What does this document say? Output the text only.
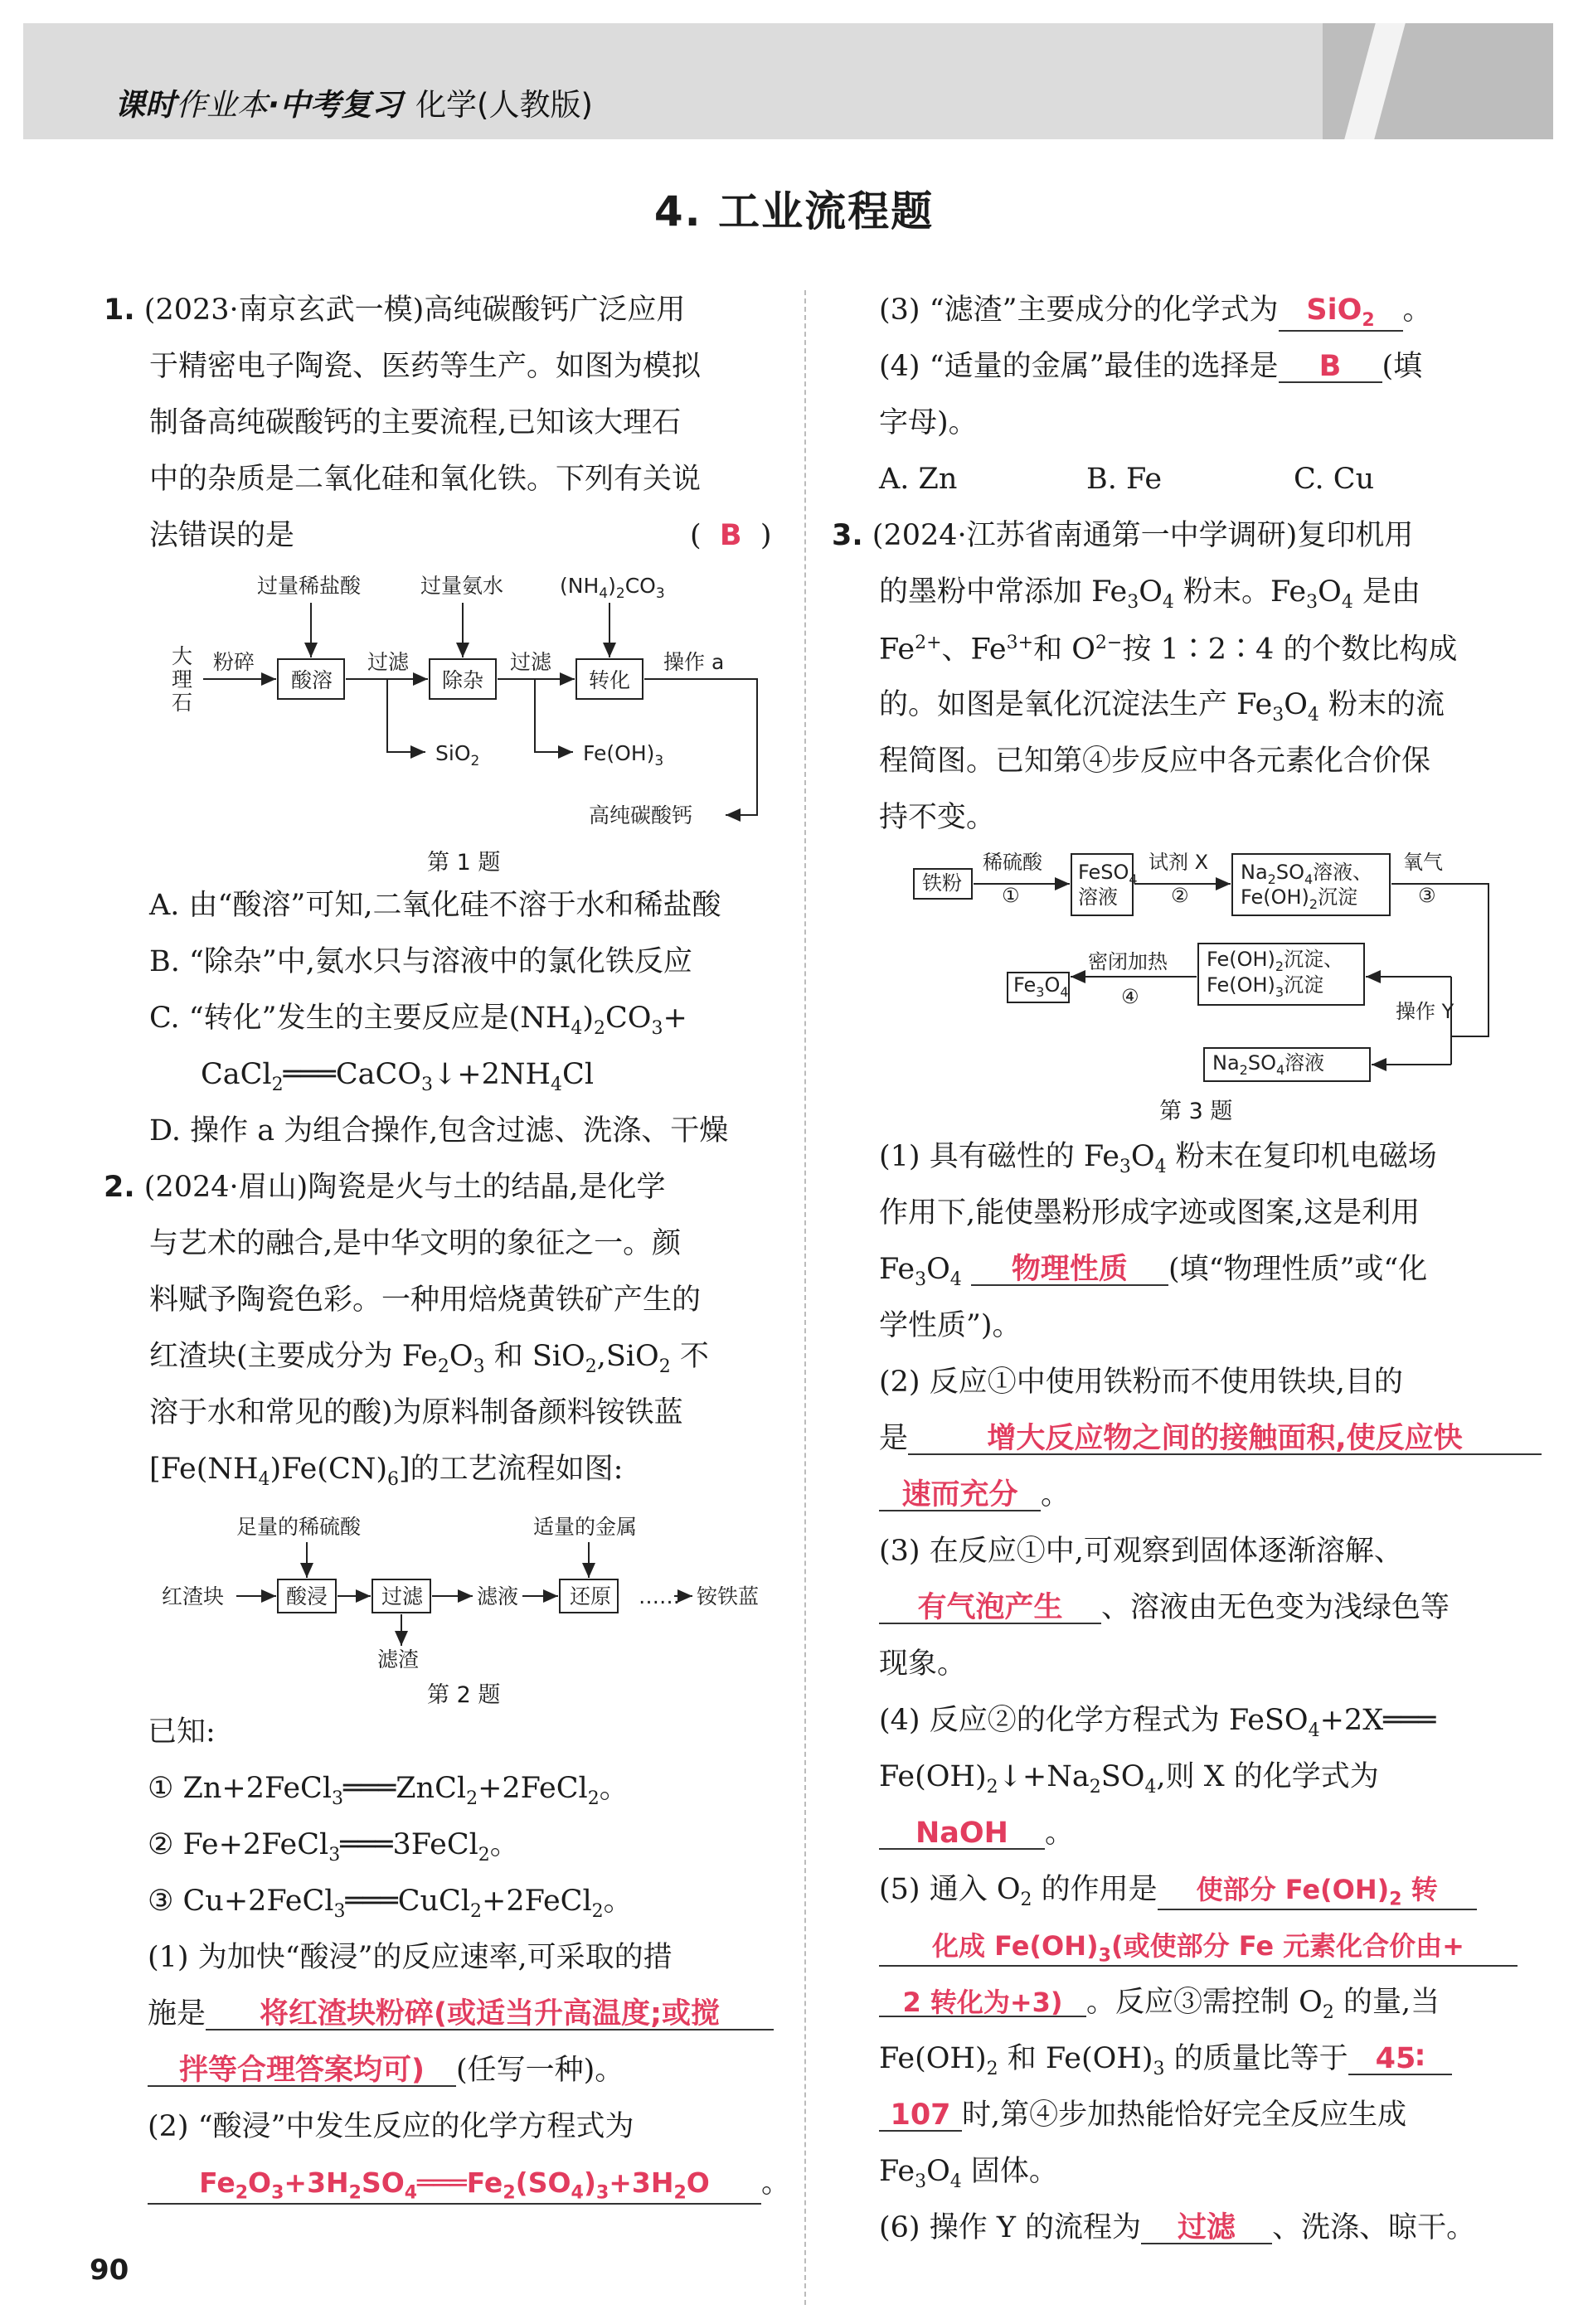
课时作业本·中考复习 化学(人教版)
4. 工业流程题
1. (2023·南京玄武一模)高纯碳酸钙广泛应用
于精密电子陶瓷、医药等生产。如图为模拟
制备高纯碳酸钙的主要流程,已知该大理石
中的杂质是二氧化硅和氧化铁。下列有关说
法错误的是	( B )
过量稀盐酸	过量氨水	$(NH_4)_2CO_3$
大
理
石
粉碎
酸溶
过滤
除杂
过滤
转化
操作 a
SiO$_2$	$Fe(OH)_3$
高纯碳酸钙
第 1 题
A. 由“酸溶”可知,二氧化硅不溶于水和稀盐酸
B. “除杂”中,氨水只与溶液中的氯化铁反应
C. “转化”发生的主要反应是$(NH_4)_2CO_3+$
$CaCl_2═══CaCO_3↓+2NH_4Cl$
D. 操作 a 为组合操作,包含过滤、洗涤、干燥
2. (2024·眉山)陶瓷是火与土的结晶,是化学
与艺术的融合,是中华文明的象征之一。颜
料赋予陶瓷色彩。一种用焙烧黄铁矿产生的
红渣块(主要成分为 $Fe_2O_3$ 和 SiO$_2$,SiO$_2$ 不
溶于水和常见的酸)为原料制备颜料铵铁蓝
$[Fe(NH_4)Fe(CN)_6]$的工艺流程如图:
足量的稀硫酸	适量的金属
红渣块	酸浸	过滤	滤液 还原 …… 铵铁蓝
滤渣
第 2 题
已知:
① Zn+2FeCl$_3$═══ZnCl$_2$+2FeCl$_2$。
② Fe+2FeCl$_3$═══3FeCl$_2$。
③ Cu+2FeCl$_3$═══CuCl$_2$+2FeCl$_2$。
(1) 为加快“酸浸”的反应速率,可采取的措
施是 将红渣块粉碎(或适当升高温度;或搅
拌等合理答案均可) (任写一种)。
(2) “酸浸”中发生反应的化学方程式为
$Fe_2O_3+3H_2SO_4═══Fe_2(SO_4)_3+3H_2O$ 。
(3) “滤渣”主要成分的化学式为 SiO$_2$ 。
(4) “适量的金属”最佳的选择是 B (填
字母)。
A. Zn	B. Fe	C. Cu
3. (2024·江苏省南通第一中学调研)复印机用
的墨粉中常添加 $Fe_3O_4$ 粉末。$Fe_3O_4$ 是由
$Fe^{2+}$、$Fe^{3+}$和 $O^{2-}$按 1∶2∶4 的个数比构成
的。如图是氧化沉淀法生产 $Fe_3O_4$ 粉末的流
程简图。已知第④步反应中各元素化合价保
持不变。
铁粉
稀硫酸
①
FeSO$_4$
溶液
试剂 X
②
$Na_2SO_4$溶液、
$Fe(OH)_2$沉淀
氧气
③
$Fe(OH)_2$沉淀、
$Fe(OH)_3$沉淀
操作 Y
$Na_2SO_4$溶液
密闭加热
④
$Fe_3O_4$
第 3 题
(1) 具有磁性的 $Fe_3O_4$ 粉末在复印机电磁场
作用下,能使墨粉形成字迹或图案,这是利用
$Fe_3O_4$ 物理性质 (填“物理性质”或“化
学性质”)。
(2) 反应①中使用铁粉而不使用铁块,目的
是	增大反应物之间的接触面积,使反应快
速而充分 。
(3) 在反应①中,可观察到固体逐渐溶解、
有气泡产生 、溶液由无色变为浅绿色等
现象。
(4) 反应②的化学方程式为 FeSO$_4$+2X═══
$Fe(OH)_2↓+Na_2SO_4$,则 X 的化学式为
NaOH 。
(5) 通入 $O_2$ 的作用是 使部分 $Fe(OH)_2$ 转
化成 $Fe(OH)_3$(或使部分 Fe 元素化合价由+
2 转化为+3) 。反应③需控制 $O_2$ 的量,当
$Fe(OH)_2$ 和 $Fe(OH)_3$ 的质量比等于 45∶
107 时,第④步加热能恰好完全反应生成
$Fe_3O_4$ 固体。
(6) 操作 Y 的流程为 过滤 、洗涤、晾干。
90
